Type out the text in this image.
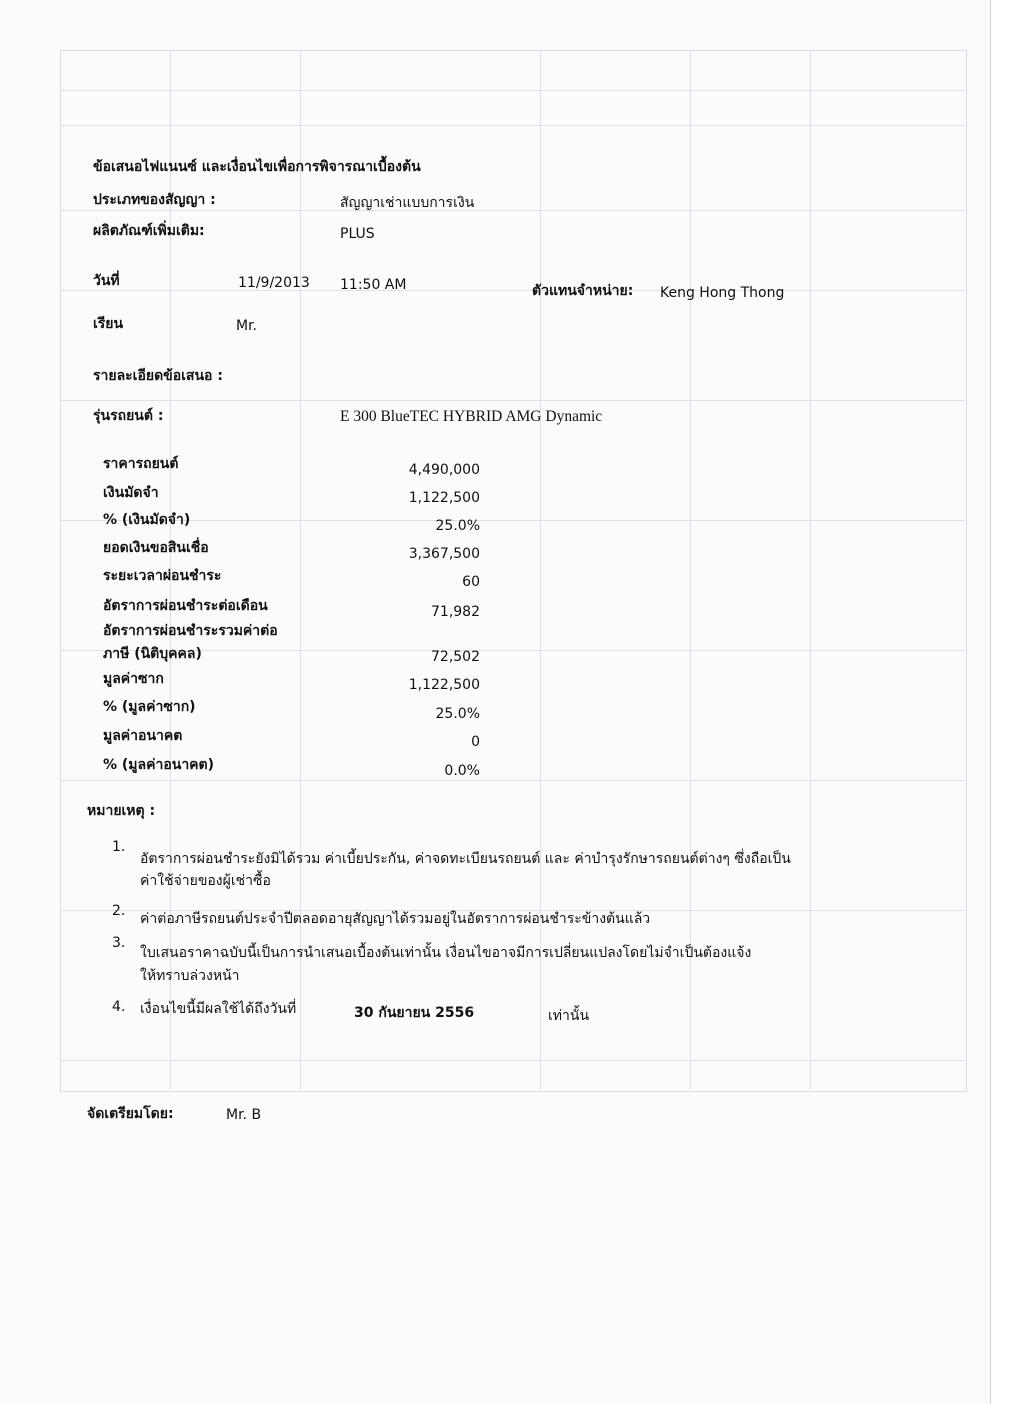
ข้อเสนอไฟแนนซ์ และเงื่อนไขเพื่อการพิจารณาเบื้องต้น
ประเภทของสัญญา :	สัญญาเช่าแบบการเงิน
ผลิตภัณฑ์เพิ่มเติม:	PLUS
วันที่	11/9/2013 11:50 AM	ตัวแทนจำหน่าย: Keng Hong Thong
เรียน	Mr.
รายละเอียดข้อเสนอ :
รุ่นรถยนต์ :	E 300 BlueTEC HYBRID AMG Dynamic
ราคารถยนต์	4,490,000
เงินมัดจำ	1,122,500
% (เงินมัดจำ)	25.0%
ยอดเงินขอสินเชื่อ	3,367,500
ระยะเวลาผ่อนชำระ	60
อัตราการผ่อนชำระต่อเดือน	71,982
อัตราการผ่อนชำระรวมค่าต่อ
ภาษี (นิติบุคคล)	72,502
มูลค่าซาก	1,122,500
% (มูลค่าซาก)	25.0%
มูลค่าอนาคต	0
% (มูลค่าอนาคต)	0.0%
หมายเหตุ :
1.
อัตราการผ่อนชำระยังมิได้รวม ค่าเบี้ยประกัน, ค่าจดทะเบียนรถยนต์ และ ค่าบำรุงรักษารถยนต์ต่างๆ ซึ่งถือเป็น
ค่าใช้จ่ายของผู้เช่าซื้อ
2. ค่าต่อภาษีรถยนต์ประจำปีตลอดอายุสัญญาได้รวมอยู่ในอัตราการผ่อนชำระข้างต้นแล้ว
3.
ใบเสนอราคาฉบับนี้เป็นการนำเสนอเบื้องต้นเท่านั้น เงื่อนไขอาจมีการเปลี่ยนแปลงโดยไม่จำเป็นต้องแจ้ง
ให้ทราบล่วงหน้า
4. เงื่อนไขนี้มีผลใช้ได้ถึงวันที่	30 กันยายน 2556	เท่านั้น
จัดเตรียมโดย:	Mr. B
